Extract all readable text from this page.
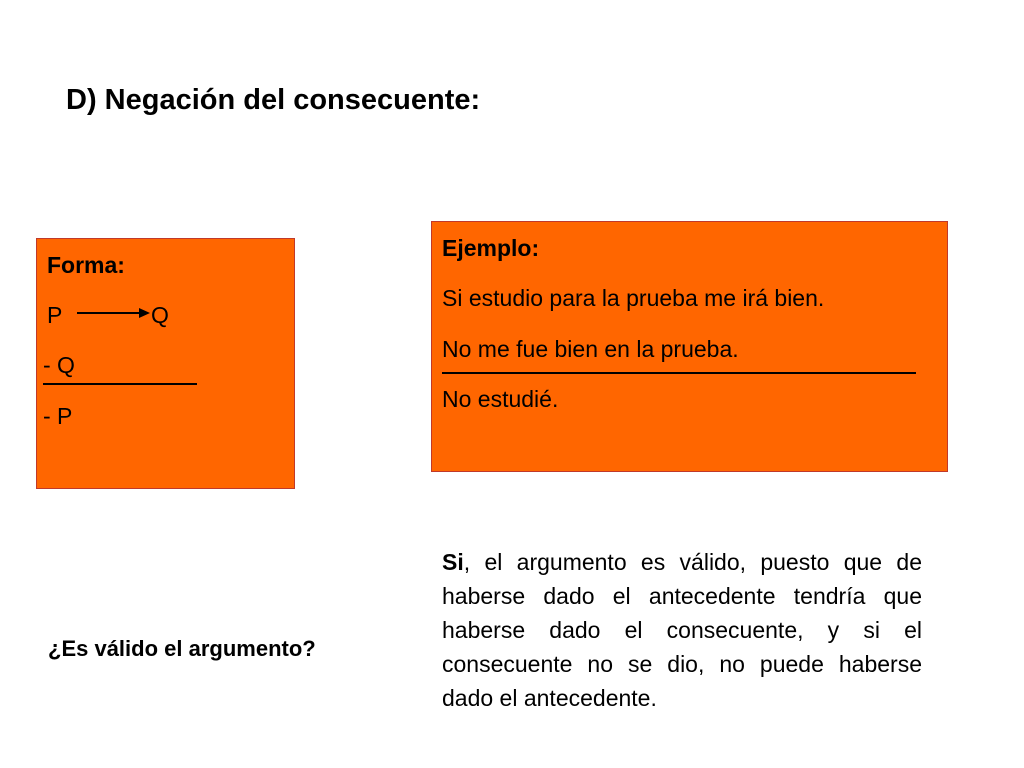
D) Negación del consecuente:
Forma:
P	Q
- Q
- P
Ejemplo:
Si estudio para la prueba me irá bien.
No me fue bien en la prueba.
No estudié.
¿Es válido el argumento?

Si, el argumento es válido, puesto que de haberse dado el antecedente tendría que haberse dado el consecuente, y si el consecuente no se dio, no puede haberse dado el antecedente.
